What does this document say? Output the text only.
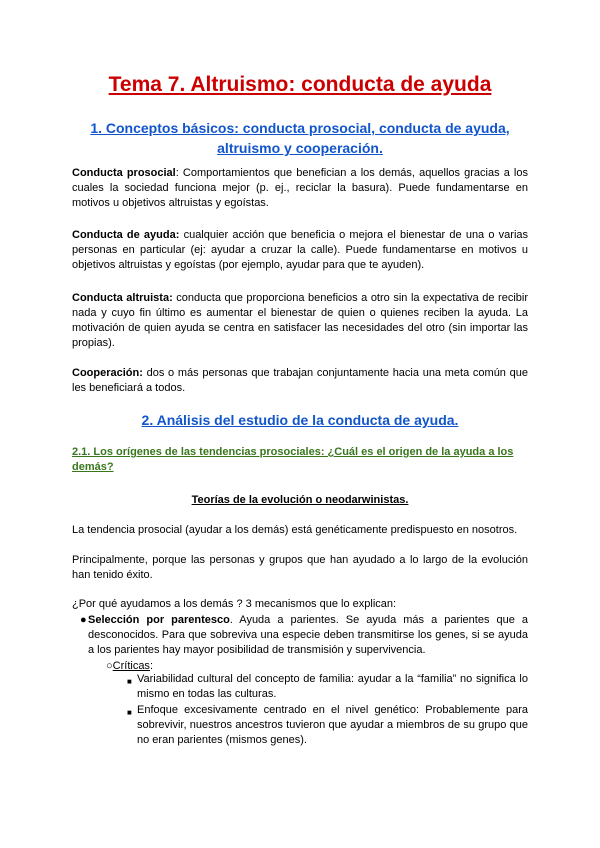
Tema 7. Altruismo: conducta de ayuda
1. Conceptos básicos: conducta prosocial, conducta de ayuda,
altruismo y cooperación.
Conducta prosocial: Comportamientos que benefician a los demás, aquellos gracias a los cuales la sociedad funciona mejor (p. ej., reciclar la basura). Puede fundamentarse en motivos u objetivos altruistas y egoístas.
Conducta de ayuda: cualquier acción que beneficia o mejora el bienestar de una o varias personas en particular (ej: ayudar a cruzar la calle). Puede fundamentarse en motivos u objetivos altruistas y egoístas (por ejemplo, ayudar para que te ayuden).
Conducta altruista: conducta que proporciona beneficios a otro sin la expectativa de recibir nada y cuyo fin último es aumentar el bienestar de quien o quienes reciben la ayuda. La motivación de quien ayuda se centra en satisfacer las necesidades del otro (sin importar las propias).
Cooperación: dos o más personas que trabajan conjuntamente hacia una meta común que les beneficiará a todos.
2. Análisis del estudio de la conducta de ayuda.
2.1. Los orígenes de las tendencias prosociales: ¿Cuál es el origen de la ayuda a los demás?
Teorías de la evolución o neodarwinistas.
La tendencia prosocial (ayudar a los demás) está genéticamente predispuesto en nosotros.
Principalmente, porque las personas y grupos que han ayudado a lo largo de la evolución han tenido éxito.
¿Por qué ayudamos a los demás ? 3 mecanismos que lo explican:
● Selección por parentesco. Ayuda a parientes. Se ayuda más a parientes que a desconocidos. Para que sobreviva una especie deben transmitirse los genes, si se ayuda a los parientes hay mayor posibilidad de transmisión y supervivencia.
○Críticas:
■ Variabilidad cultural del concepto de familia: ayudar a la “familia” no significa lo mismo en todas las culturas.
■ Enfoque excesivamente centrado en el nivel genético: Probablemente para sobrevivir, nuestros ancestros tuvieron que ayudar a miembros de su grupo que no eran parientes (mismos genes).
